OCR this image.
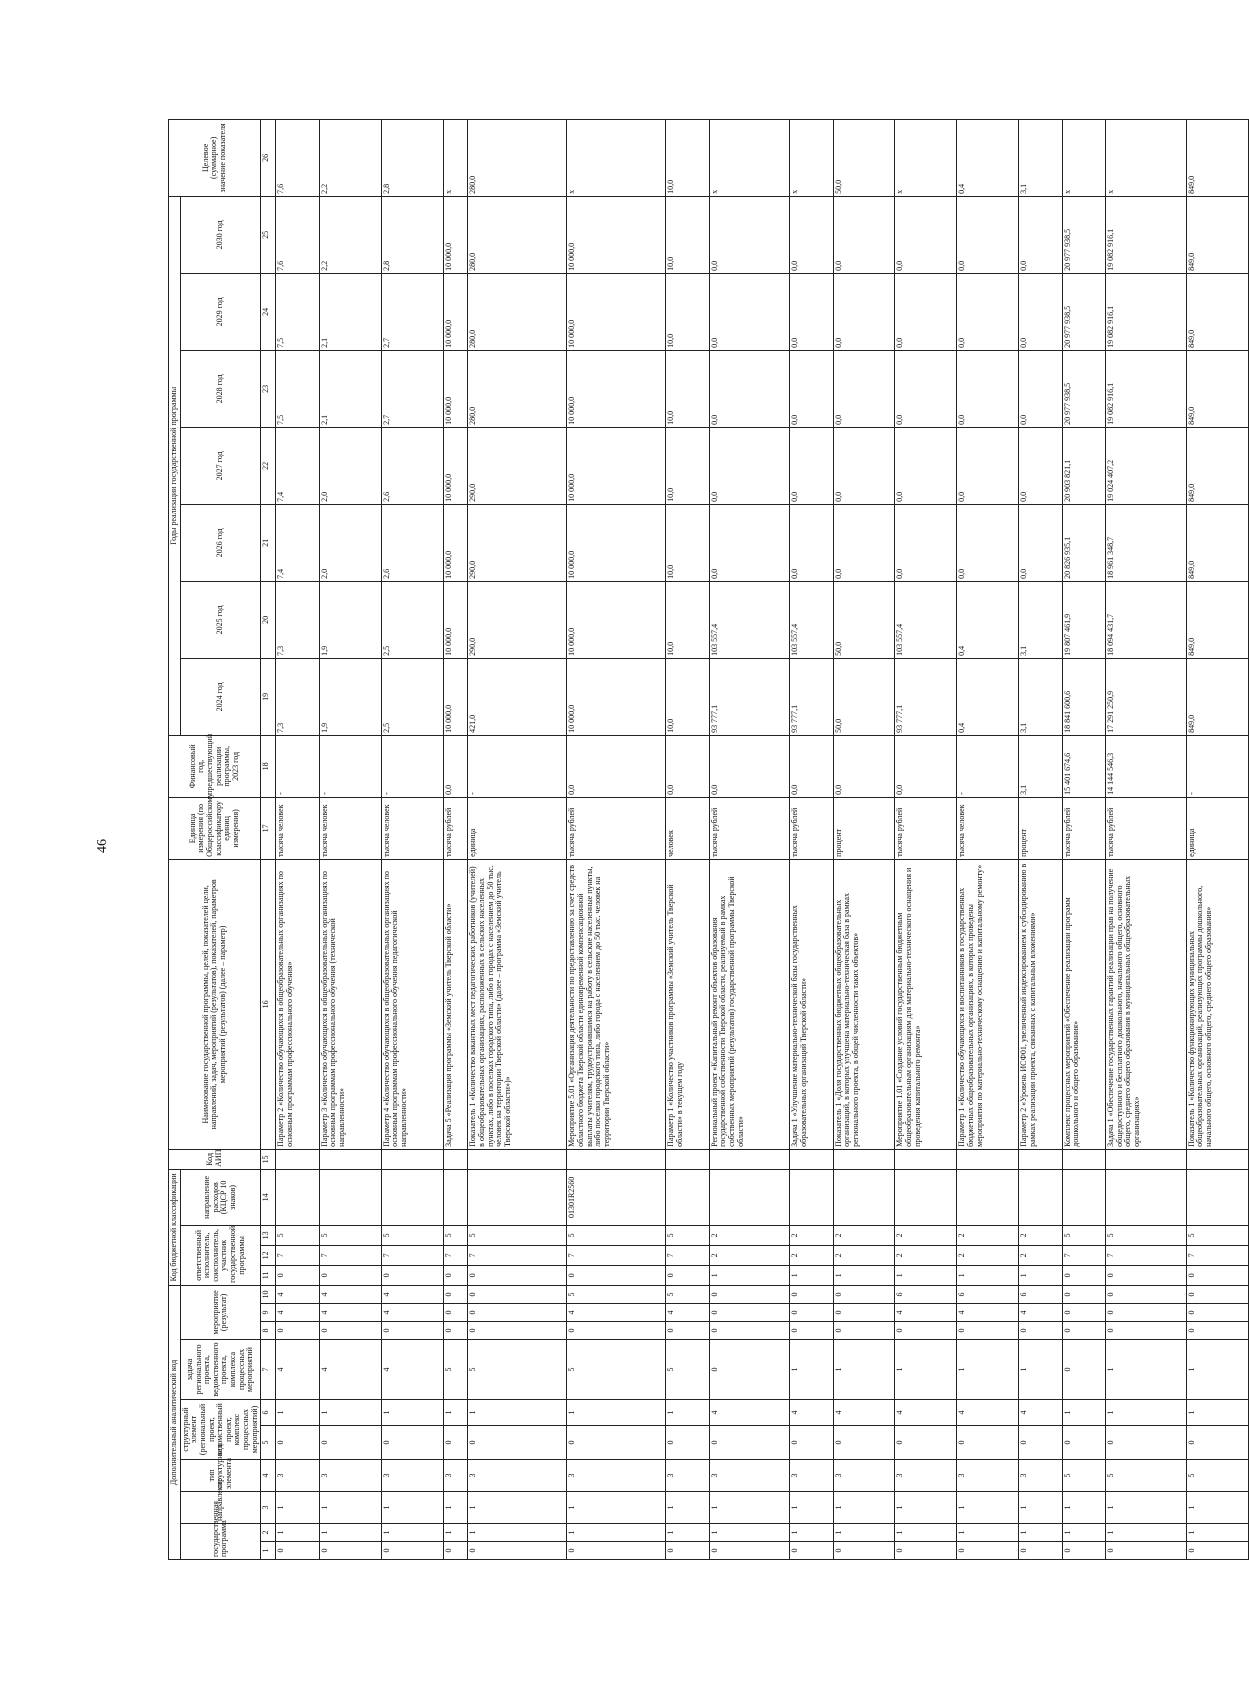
46
Дополнительный аналитический код										Код бюджетной классификации				Код АИП	Наименование государственной программы, целей, показателей цели, направлений, задач, мероприятий (результатов), показателей, параметров мероприятий (результатов) (далее – параметр)	Единица измерения (по Общероссийскому классификатору единиц измерения)	Финансовый год, предшествующий реализации программы, 2023 год	Годы реализации государственной программы							Целевое (суммарное) значение показателя
государственная программа		направление	тип структурного элемента	структурный элемент (региональный проект, ведомственный проект, комплекс процессных мероприятий)		задача регионального проекта, ведомственного проекта, комплекса процессных мероприятий	мероприятие (результат)			ответственный исполнитель, соисполнитель, участник государственной программы			направление расходов (КЦСР 10 знаков)					2024 год	2025 год	2026 год	2027 год	2028 год	2029 год	2030 год	

1	2	3	4	5	6	7	8	9	10	11	12	13	14	15	16	17	18	19	20	21	22	23	24	25	26
0	1	1	3	0	1	4	0	4	4	0	7	5			Параметр 2 «Количество обучающихся в общеобразовательных организациях по основным программам профессионального обучения»	тысяча человек	-	7,3	7,3	7,4	7,4	7,5	7,5	7,6	7,6
0	1	1	3	0	1	4	0	4	4	0	7	5			Параметр 3 «Количество обучающихся в общеобразовательных организациях по основным программам профессионального обучения (технической направленности»	тысяча человек	-	1,9	1,9	2,0	2,0	2,1	2,1	2,2	2,2
0	1	1	3	0	1	4	0	4	4	0	7	5			Параметр 4 «Количество обучающихся в общеобразовательных организациях по основным программам профессионального обучения педагогической направленности»	тысяча человек	-	2,5	2,5	2,6	2,6	2,7	2,7	2,8	2,8
0	1	1	3	0	1	5	0	0	0	0	7	5			Задача 5 «Реализация программы «Земский учитель Тверской области»	тысяча рублей	0,0	10 000,0	10 000,0	10 000,0	10 000,0	10 000,0	10 000,0	10 000,0	х
0	1	1	3	0	1	5	0	0	0	0	7	5			Показатель 1 «Количество вакантных мест педагогических работников (учителей) в общеобразовательных организациях, расположенных в сельских населенных пунктах, либо в поселках городского типа, либо в городах с населением до 50 тыс. человек на территории Тверской области» (далее – программа «Земский учитель Тверской области»)»	единица	-	421,0	290,0	290,0	290,0	280,0	280,0	280,0	280,0
0	1	1	3	0	1	5	0	4	5	0	7	5	01301R2560		Мероприятие 5.01 «Организация деятельности по предоставлению за счет средств областного бюджета Тверской области единовременной компенсационной выплаты учителям, трудоустроившимся на работу в сельские населенные пункты, либо поселки городского типа, либо города с населением до 50 тыс. человек на территории Тверской области»	тысяча рублей	0,0	10 000,0	10 000,0	10 000,0	10 000,0	10 000,0	10 000,0	10 000,0	х
0	1	1	3	0	1	5	0	4	5	0	7	5			Параметр 1 «Количество участников программы «Земский учитель Тверской области» в текущем году	человек	0,0	10,0	10,0	10,0	10,0	10,0	10,0	10,0	10,0
0	1	1	3	0	4	0	0	0	0	1	2	2			Региональный проект «Капитальный ремонт объектов образования государственной собственности Тверской области, реализуемый в рамках собственных мероприятий (результатов) государственной программы Тверской области»	тысяча рублей	0,0	93 777,1	103 557,4	0,0	0,0	0,0	0,0	0,0	х
0	1	1	3	0	4	1	0	0	0	1	2	2			Задача 1 «Улучшение материально-технической базы государственных образовательных организаций Тверской области»	тысяча рублей	0,0	93 777,1	103 557,4	0,0	0,0	0,0	0,0	0,0	х
0	1	1	3	0	4	1	0	0	0	1	2	2			Показатель 1 «Доля государственных бюджетных общеобразовательных организаций, в которых улучшена материально-техническая база в рамках регионального проекта, в общей численности таких объектов»	процент	0,0	50,0	50,0	0,0	0,0	0,0	0,0	0,0	50,0
0	1	1	3	0	4	1	0	4	6	1	2	2			Мероприятие 1.01 «Создание условий государственным бюджетным общеобразовательным организациям для материально-технического оснащения и проведения капитального ремонта»	тысяча рублей	0,0	93 777,1	103 557,4	0,0	0,0	0,0	0,0	0,0	х
0	1	1	3	0	4	1	0	4	6	1	2	2			Параметр 1 «Количество обучающихся и воспитанников в государственных бюджетных общеобразовательных организациях, в которых проведены мероприятия по материально-техническому оснащению и капитальному ремонту»	тысяча человек	-	0,4	0,4	0,0	0,0	0,0	0,0	0,0	0,4
0	1	1	3	0	4	1	0	4	6	1	2	2			Параметр 2 «Уровень ИСФ01, увеличенный индексированием к субсидированию в рамках реализации проекта, связанных с капитальным вложениями»	процент	3,1	3,1	3,1	0,0	0,0	0,0	0,0	0,0	3,1
0	1	1	5	0	1	0	0	0	0	0	7	5			Комплекс процессных мероприятий «Обеспечение реализации программ дошкольного и общего образования»	тысяча рублей	15 401 674,6	18 841 600,6	19 807 461,9	20 826 935,1	20 903 821,1	20 977 938,5	20 977 938,5	20 977 938,5	х
0	1	1	5	0	1	1	0	0	0	0	7	5			Задача 1 «Обеспечение государственных гарантий реализации прав на получение общедоступного и бесплатного дошкольного, начального общего, основного общего, среднего общего образования в муниципальных общеобразовательных организациях»	тысяча рублей	14 144 546,3	17 291 250,9	18 094 431,7	18 961 348,7	19 024 407,2	19 082 916,1	19 082 916,1	19 082 916,1	х
0	1	1	5	0	1	1	0	0	0	0	7	5			Показатель 1 «Количество функционирующих муниципальных общеобразовательных организаций, реализующих программы дошкольного, начального общего, основного общего, среднего общего образования»	единица	-	849,0	849,0	849,0	849,0	849,0	849,0	849,0	849,0
